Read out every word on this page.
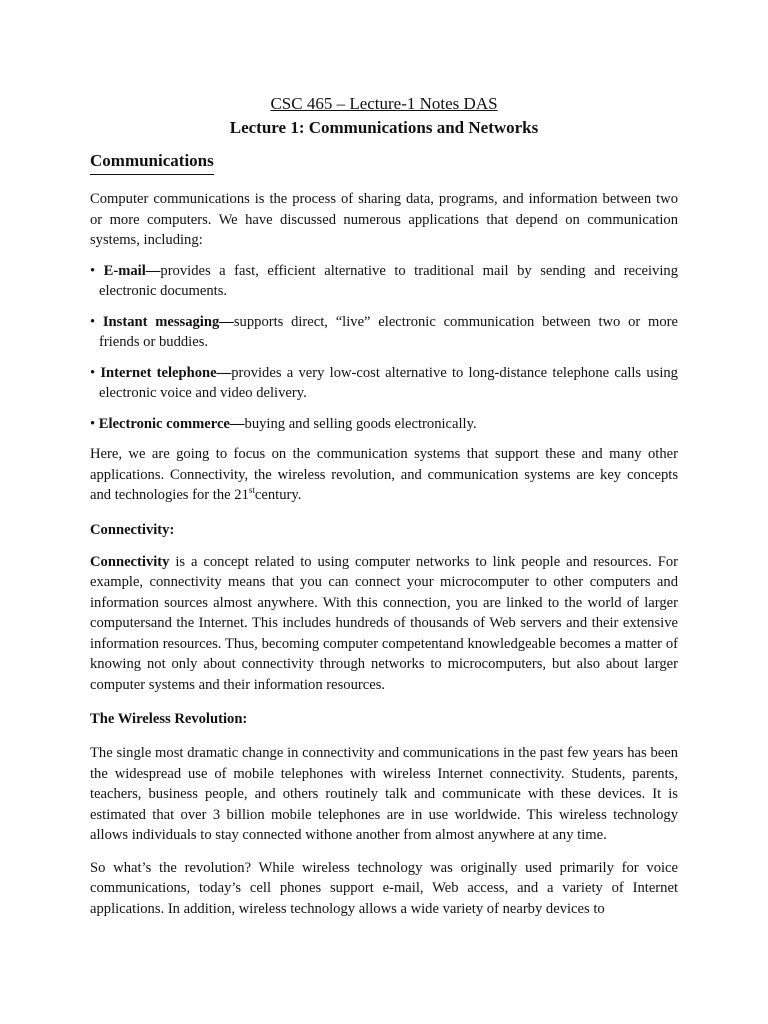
CSC 465 – Lecture-1 Notes DAS
Lecture 1: Communications and Networks
Communications

Computer communications is the process of sharing data, programs, and information between two or more computers. We have discussed numerous applications that depend on communication systems, including:

• E-mail—provides a fast, efficient alternative to traditional mail by sending and receiving electronic documents.
• Instant messaging—supports direct, “live” electronic communication between two or more friends or buddies.
• Internet telephone—provides a very low-cost alternative to long-distance telephone calls using electronic voice and video delivery.
• Electronic commerce—buying and selling goods electronically.

Here, we are going to focus on the communication systems that support these and many other applications. Connectivity, the wireless revolution, and communication systems are key concepts and technologies for the 21stcentury.

Connectivity:

Connectivity is a concept related to using computer networks to link people and resources. For example, connectivity means that you can connect your microcomputer to other computers and information sources almost anywhere. With this connection, you are linked to the world of larger computersand the Internet. This includes hundreds of thousands of Web servers and their extensive information resources. Thus, becoming computer competentand knowledgeable becomes a matter of knowing not only about connectivity through networks to microcomputers, but also about larger computer systems and their information resources.

The Wireless Revolution:

The single most dramatic change in connectivity and communications in the past few years has been the widespread use of mobile telephones with wireless Internet connectivity. Students, parents, teachers, business people, and others routinely talk and communicate with these devices. It is estimated that over 3 billion mobile telephones are in use worldwide. This wireless technology allows individuals to stay connected withone another from almost anywhere at any time.

So what’s the revolution? While wireless technology was originally used primarily for voice communications, today’s cell phones support e-mail, Web access, and a variety of Internet applications. In addition, wireless technology allows a wide variety of nearby devices to
